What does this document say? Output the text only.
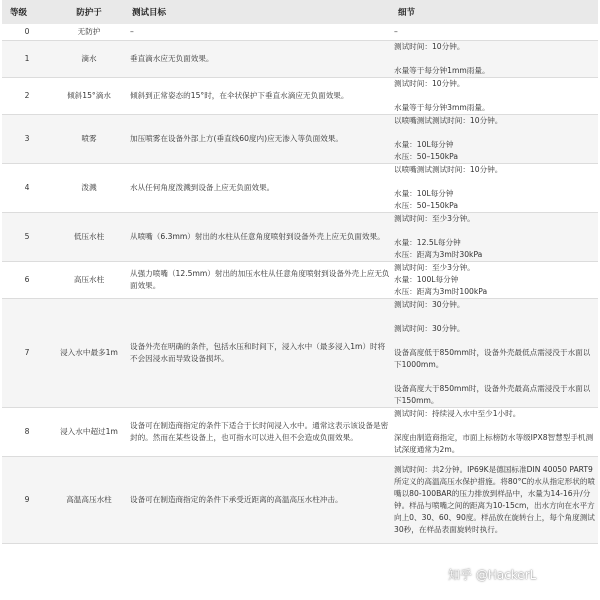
等级	防护于	测试目标	细节
0	无防护	–	–

1	滴水	垂直滴水应无负面效果。	测试时间：10分钟。

水量等于每分钟1mm雨量。

2	倾斜15°滴水	倾斜到正常姿态的15°时，在伞状保护下垂直水滴应无负面效果。	测试时间：10分钟。

水量等于每分钟3mm雨量。

3	喷雾	加压喷雾在设备外部上方(垂直线60度内)应无渗入等负面效果。	以喷嘴测试测试时间：10分钟。

水量：10L每分钟
水压：50–150kPa

4	泼溅	水从任何角度泼溅到设备上应无负面效果。	以喷嘴测试测试时间：10分钟。

水量：10L每分钟
水压：50–150kPa

5	低压水柱	从喷嘴（6.3mm）射出的水柱从任意角度喷射到设备外壳上应无负面效果。	测试时间：至少3分钟。

水量：12.5L每分钟
水压：距离为3m时30kPa

6	高压水柱	从强力喷嘴（12.5mm）射出的加压水柱从任意角度喷射到设备外壳上应无负面效果。	测试时间：至少3分钟。
水量：100L每分钟
水压：距离为3m时100kPa

7	浸入水中最多1m	设备外壳在明确的条件，包括水压和时间下，浸入水中（最多浸入1m）时将不会因浸水而导致设备损坏。	测试时间：30分钟。

测试时间：30分钟。

设备高度低于850mm时，设备外壳最低点需浸没于水面以下1000mm。

设备高度大于850mm时，设备外壳最高点需浸没于水面以下150mm。

8	浸入水中超过1m	设备可在制造商指定的条件下适合于长时间浸入水中。通常这表示该设备是密封的。然而在某些设备上，也可指水可以进入但不会造成负面效果。	测试时间：持续浸入水中至少1小时。

深度由制造商指定，市面上标榜防水等级IPX8智慧型手机测试深度通常为2m。

9	高温高压水柱	设备可在制造商指定的条件下承受近距离的高温高压水柱冲击。	测试时间：共2分钟。IP69K是德国标准DIN 40050 PART9所定义的高温高压水保护措施。将80°C的水从指定形状的喷嘴以80-100BAR的压力排放到样品中，水量为14-16升/分钟。样品与喷嘴之间的距离为10-15cm，出水方向在水平方向上0、30、60、90度。样品放在旋转台上，每个角度测试30秒，在样品表面旋转时执行。
知乎 @HackerL
